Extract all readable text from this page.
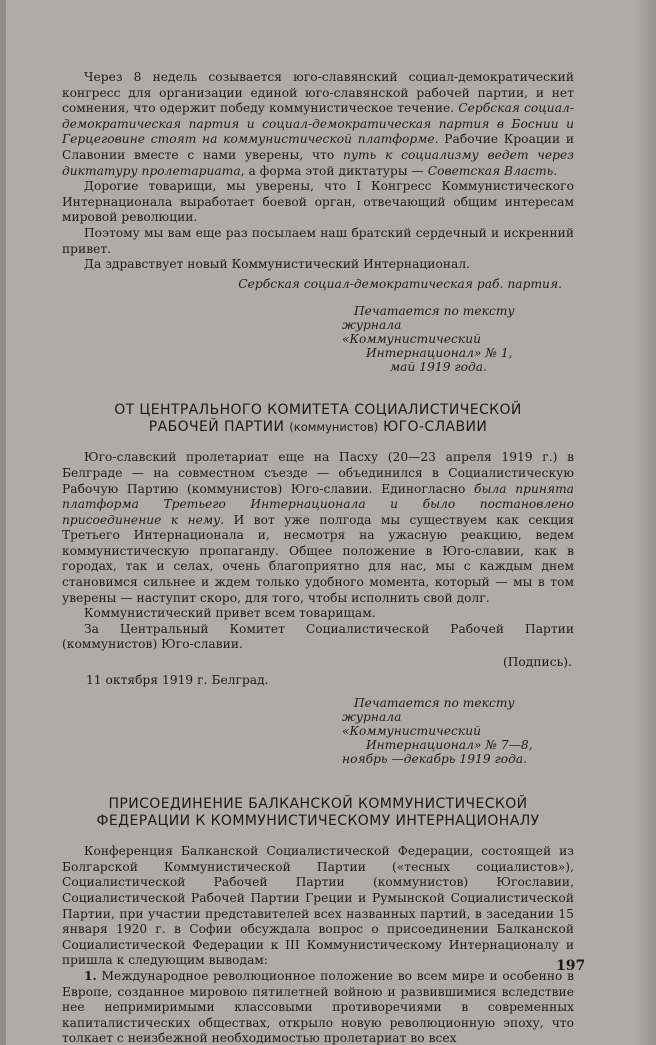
Через 8 недель созывается юго-славянский социал-демократический конгресс для организации единой юго-славянской рабочей партии, и нет сомнения, что одержит победу коммунистическое течение. Сербская социал-демократическая партия и социал-демократическая партия в Боснии и Герцеговине стоят на коммунистической платформе. Рабочие Кроации и Славонии вместе с нами уверены, что путь к социализму ведет через диктатуру пролетариата, а форма этой диктатуры — Советская Власть.

Дорогие товарищи, мы уверены, что I Конгресс Коммунистического Интернационала выработает боевой орган, отвечающий общим интересам мировой революции.

Поэтому мы вам еще раз посылаем наш братский сердечный и искренний привет.

Да здравствует новый Коммунистический Интернационал.

Сербская социал-демократическая раб. партия.
Печатается по тексту
журнала «Коммунистический
Интернационал» № 1,
май 1919 года.
ОТ ЦЕНТРАЛЬНОГО КОМИТЕТА СОЦИАЛИСТИЧЕСКОЙ
РАБОЧЕЙ ПАРТИИ (коммунистов) ЮГО-СЛАВИИ

Юго-славский пролетариат еще на Пасху (20—23 апреля 1919 г.) в Белграде — на совместном съезде — объединился в Социалистическую Рабочую Партию (коммунистов) Юго-славии. Единогласно была принята платформа Третьего Интернационала и было постановлено присоединение к нему. И вот уже полгода мы существуем как секция Третьего Интернационала и, несмотря на ужасную реакцию, ведем коммунистическую пропаганду. Общее положение в Юго-славии, как в городах, так и селах, очень благоприятно для нас, мы с каждым днем становимся сильнее и ждем только удобного момента, который — мы в том уверены — наступит скоро, для того, чтобы исполнить свой долг.

Коммунистический привет всем товарищам.

За Центральный Комитет Социалистической Рабочей Партии (коммунистов) Юго-славии.

(Подпись).
11 октября 1919 г. Белград.
Печатается по тексту
журнала «Коммунистический
Интернационал» № 7—8,
ноябрь —декабрь 1919 года.
ПРИСОЕДИНЕНИЕ БАЛКАНСКОЙ КОММУНИСТИЧЕСКОЙ
ФЕДЕРАЦИИ К КОММУНИСТИЧЕСКОМУ ИНТЕРНАЦИОНАЛУ

Конференция Балканской Социалистической Федерации, состоящей из Болгарской Коммунистической Партии («тесных социалистов»), Социалистической Рабочей Партии (коммунистов) Югославии, Социалистической Рабочей Партии Греции и Румынской Социалистической Партии, при участии представителей всех названных партий, в заседании 15 января 1920 г. в Софии обсуждала вопрос о присоединении Балканской Социалистической Федерации к III Коммунистическому Интернационалу и пришла к следующим выводам:

1. Международное революционное положение во всем мире и особенно в Европе, созданное мировою пятилетней войною и развившимися вследствие нее непримиримыми классовыми противоречиями в современных капиталистических обществах, открыло новую революционную эпоху, что толкает с неизбежной необходимостью пролетариат во всех

197
